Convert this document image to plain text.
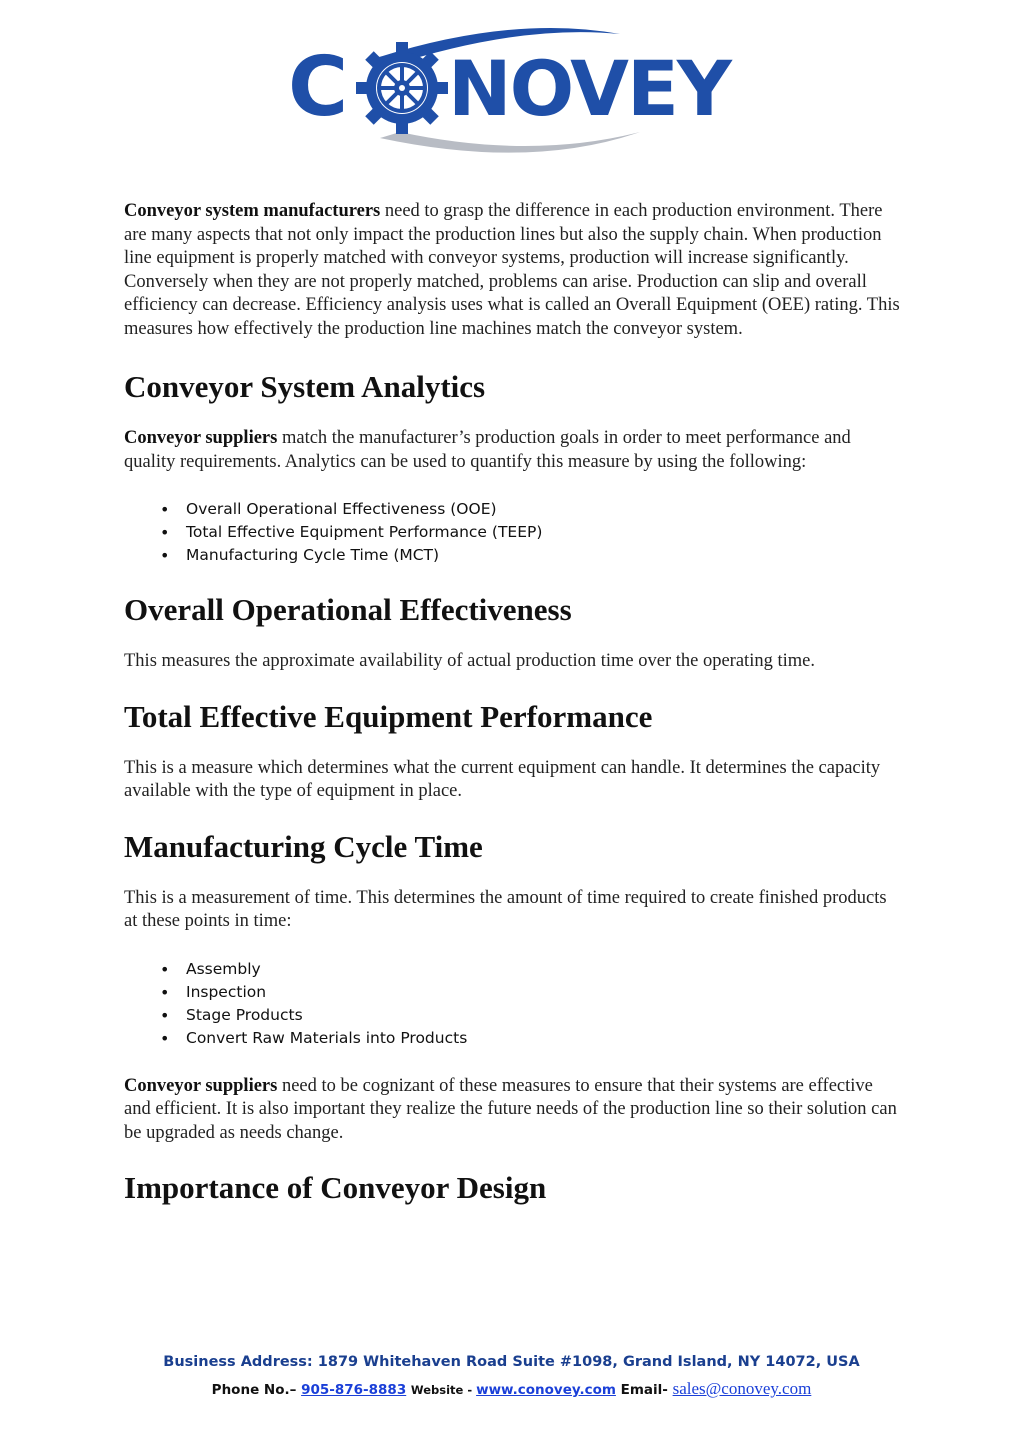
C NOVEY

Conveyor system manufacturers need to grasp the difference in each production environment. There are many aspects that not only impact the production lines but also the supply chain. When production line equipment is properly matched with conveyor systems, production will increase significantly. Conversely when they are not properly matched, problems can arise. Production can slip and overall efficiency can decrease. Efficiency analysis uses what is called an Overall Equipment (OEE) rating. This measures how effectively the production line machines match the conveyor system.

Conveyor System Analytics

Conveyor suppliers match the manufacturer’s production goals in order to meet performance and quality requirements. Analytics can be used to quantify this measure by using the following:

• Overall Operational Effectiveness (OOE)
• Total Effective Equipment Performance (TEEP)
• Manufacturing Cycle Time (MCT)
Overall Operational Effectiveness

This measures the approximate availability of actual production time over the operating time.

Total Effective Equipment Performance

This is a measure which determines what the current equipment can handle. It determines the capacity available with the type of equipment in place.

Manufacturing Cycle Time

This is a measurement of time. This determines the amount of time required to create finished products at these points in time:

• Assembly
• Inspection
• Stage Products
• Convert Raw Materials into Products

Conveyor suppliers need to be cognizant of these measures to ensure that their systems are effective and efficient. It is also important they realize the future needs of the production line so their solution can be upgraded as needs change.

Importance of Conveyor Design
Business Address: 1879 Whitehaven Road Suite #1098, Grand Island, NY 14072, USA
Phone No.– 905-876-8883 Website - www.conovey.com Email- sales@conovey.com
